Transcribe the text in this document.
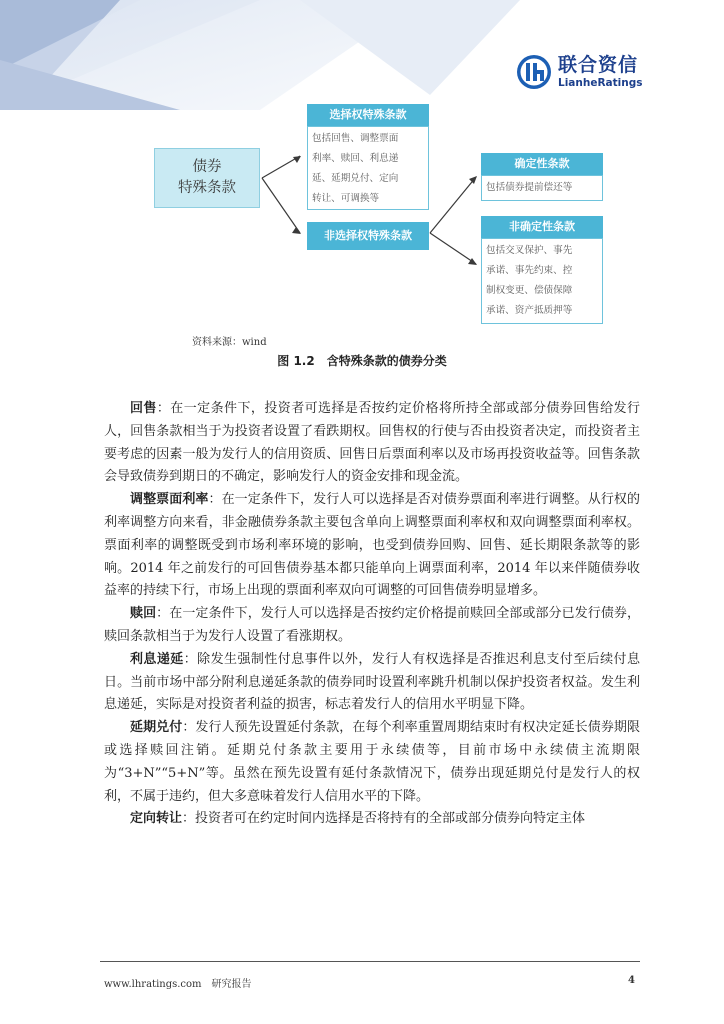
联合资信
LianheRatings
债券
特殊条款
选择权特殊条款
包括回售、调整票面
利率、赎回、利息递
延、延期兑付、定向
转让、可调换等
非选择权特殊条款
确定性条款
包括债券提前偿还等
非确定性条款
包括交叉保护、事先
承诺、事先约束、控
制权变更、偿债保障
承诺、资产抵质押等
资料来源：wind
图 1.2　含特殊条款的债券分类

回售：在一定条件下，投资者可选择是否按约定价格将所持全部或部分债券回售给发行人，回售条款相当于为投资者设置了看跌期权。回售权的行使与否由投资者决定，而投资者主要考虑的因素一般为发行人的信用资质、回售日后票面利率以及市场再投资收益等。回售条款会导致债券到期日的不确定，影响发行人的资金安排和现金流。

调整票面利率：在一定条件下，发行人可以选择是否对债券票面利率进行调整。从行权的利率调整方向来看，非金融债券条款主要包含单向上调整票面利率权和双向调整票面利率权。票面利率的调整既受到市场利率环境的影响，也受到债券回购、回售、延长期限条款等的影响。2014 年之前发行的可回售债券基本都只能单向上调票面利率，2014 年以来伴随债券收益率的持续下行，市场上出现的票面利率双向可调整的可回售债券明显增多。

赎回：在一定条件下，发行人可以选择是否按约定价格提前赎回全部或部分已发行债券，赎回条款相当于为发行人设置了看涨期权。

利息递延：除发生强制性付息事件以外，发行人有权选择是否推迟利息支付至后续付息日。当前市场中部分附利息递延条款的债券同时设置利率跳升机制以保护投资者权益。发生利息递延，实际是对投资者利益的损害，标志着发行人的信用水平明显下降。

延期兑付：发行人预先设置延付条款，在每个利率重置周期结束时有权决定延长债券期限或选择赎回注销。延期兑付条款主要用于永续债等，目前市场中永续债主流期限为“3+N”“5+N”等。虽然在预先设置有延付条款情况下，债券出现延期兑付是发行人的权利，不属于违约，但大多意味着发行人信用水平的下降。

定向转让：投资者可在约定时间内选择是否将持有的全部或部分债券向特定主体

www.lhratings.com　研究报告	4
